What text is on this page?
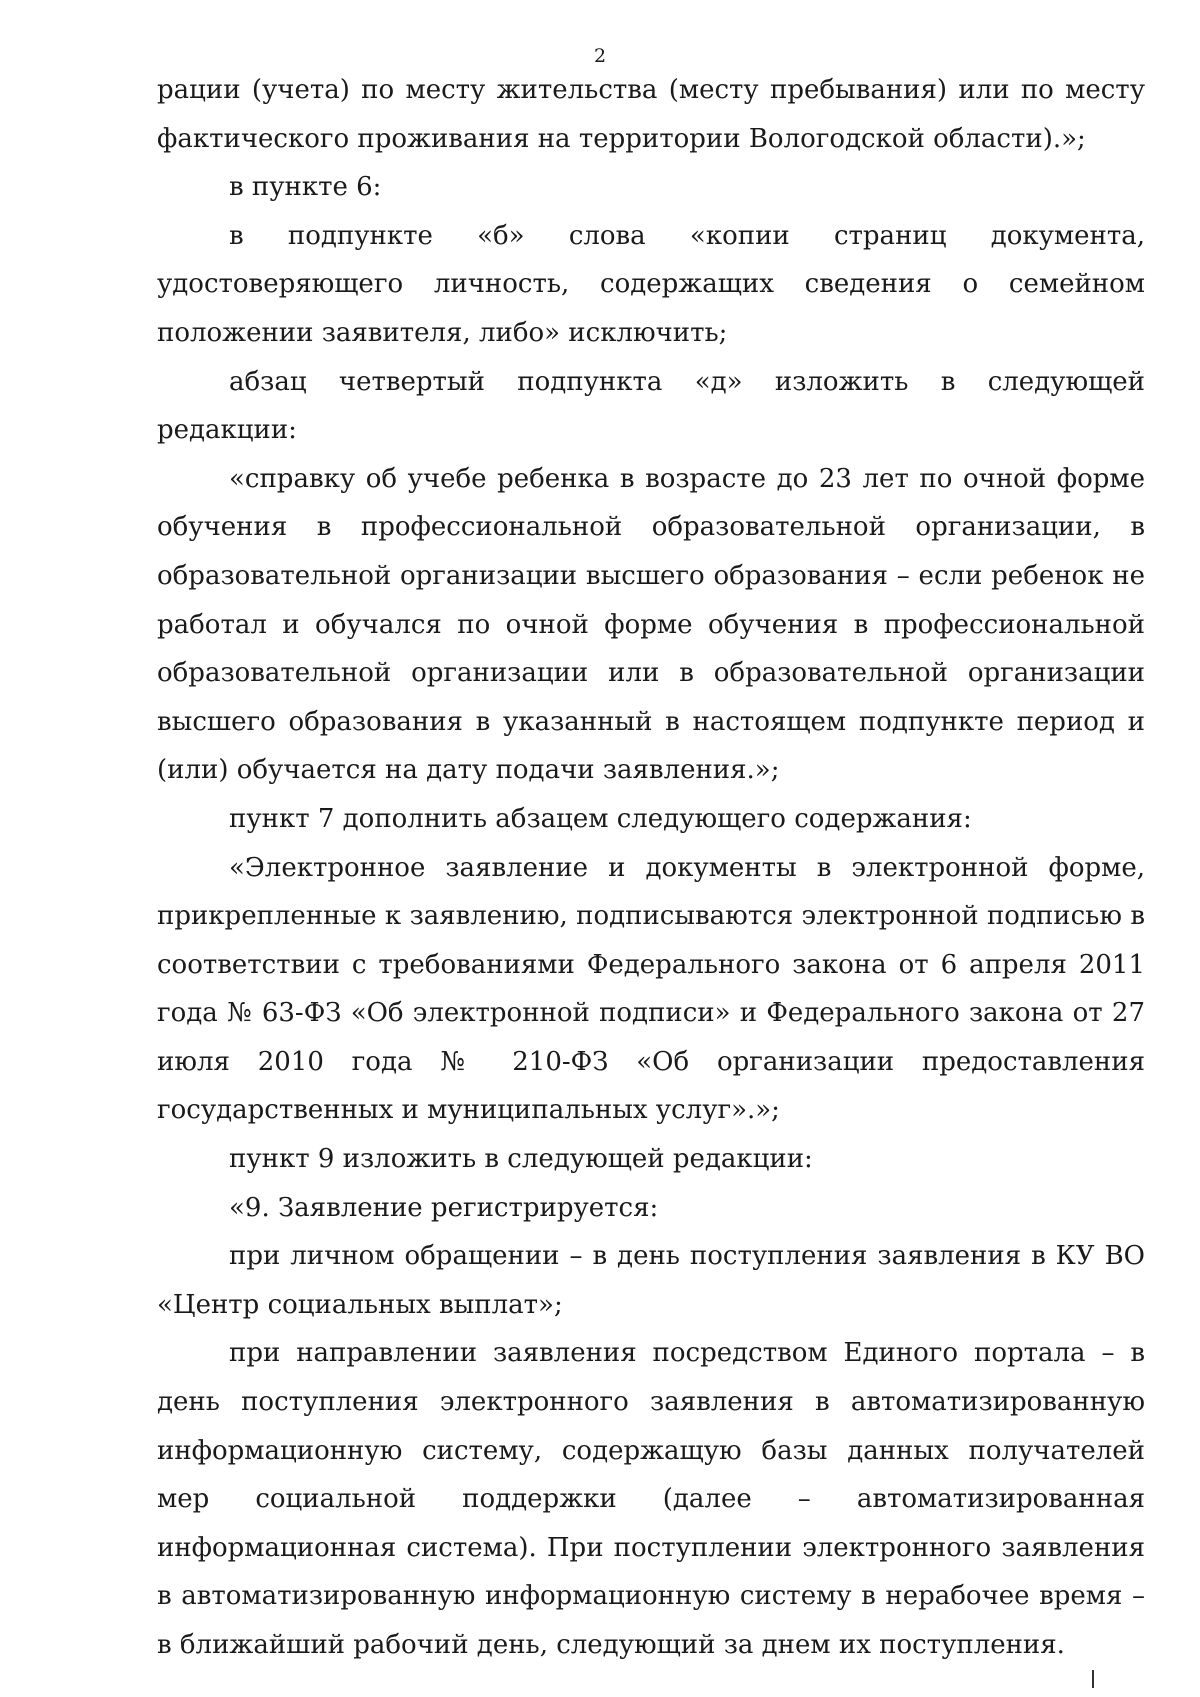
2

рации (учета) по месту жительства (месту пребывания) или по месту фактического проживания на территории Вологодской области).»;

в пункте 6:

в подпункте «б» слова «копии страниц документа, удостоверяющего личность, содержащих сведения о семейном положении заявителя, либо» исключить;

абзац четвертый подпункта «д» изложить в следующей редакции:

«справку об учебе ребенка в возрасте до 23 лет по очной форме обучения в профессиональной образовательной организации, в образовательной организации высшего образования – если ребенок не работал и обучался по очной форме обучения в профессиональной образовательной организации или в образовательной организации высшего образования в указанный в настоящем подпункте период и (или) обучается на дату подачи заявления.»;

пункт 7 дополнить абзацем следующего содержания:

«Электронное заявление и документы в электронной форме, прикрепленные к заявлению, подписываются электронной подписью в соответствии с требованиями Федерального закона от 6 апреля 2011 года № 63-ФЗ «Об электронной подписи» и Федерального закона от 27 июля 2010 года № 210-ФЗ «Об организации предоставления государственных и муниципальных услуг».»;

пункт 9 изложить в следующей редакции:

«9. Заявление регистрируется:

при личном обращении – в день поступления заявления в КУ ВО «Центр социальных выплат»;

при направлении заявления посредством Единого портала – в день поступления электронного заявления в автоматизированную информационную систему, содержащую базы данных получателей мер социальной поддержки (далее – автоматизированная информационная система). При поступлении электронного заявления в автоматизированную информационную систему в нерабочее время – в ближайший рабочий день, следующий за днем их поступления.
